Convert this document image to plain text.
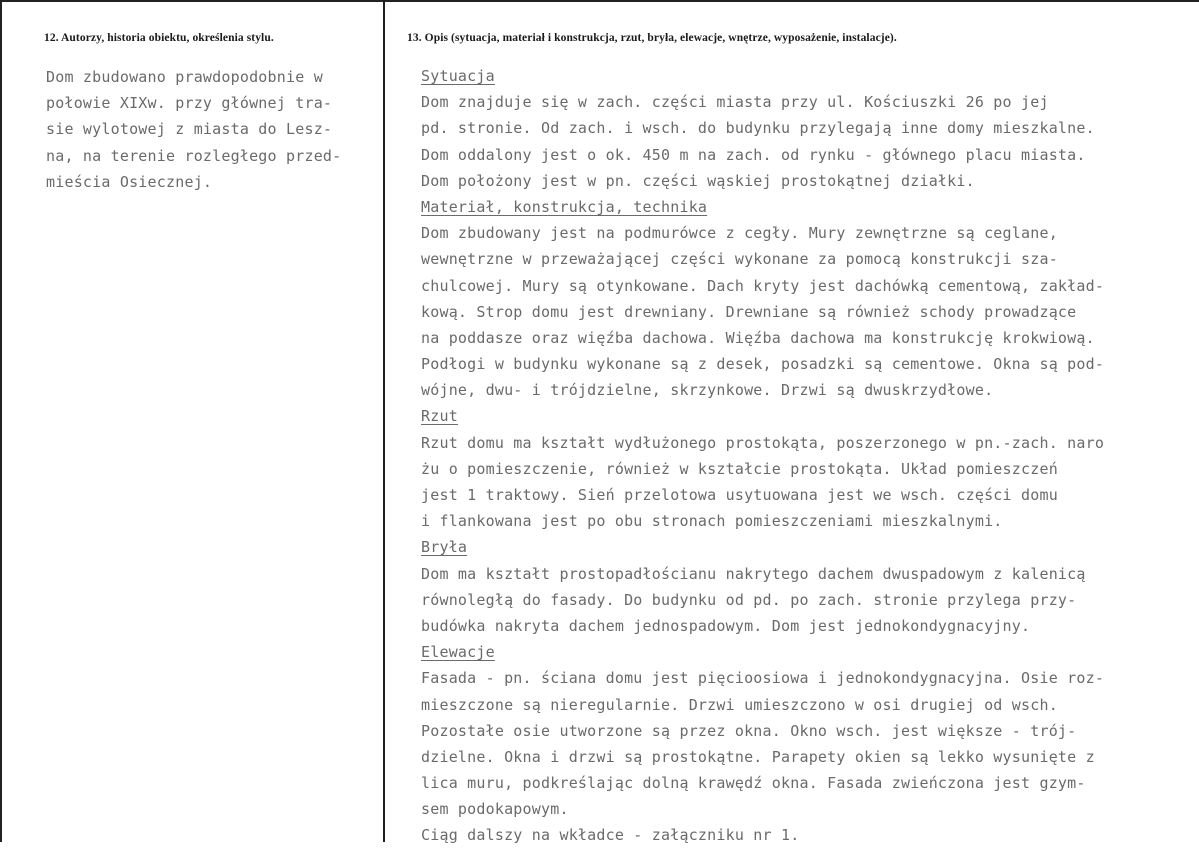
12. Autorzy, historia obiektu, określenia stylu.
Dom zbudowano prawdopodobnie w
połowie XIXw. przy głównej tra-
sie wylotowej z miasta do Lesz-
na, na terenie rozległego przed-
mieścia Osiecznej.
13. Opis (sytuacja, materiał i konstrukcja, rzut, bryła, elewacje, wnętrze, wyposażenie, instalacje).
Sytuacja
Dom znajduje się w zach. części miasta przy ul. Kościuszki 26 po jej
pd. stronie. Od zach. i wsch. do budynku przylegają inne domy mieszkalne.
Dom oddalony jest o ok. 450 m na zach. od rynku - głównego placu miasta.
Dom położony jest w pn. części wąskiej prostokątnej działki.
Materiał, konstrukcja, technika
Dom zbudowany jest na podmurówce z cegły. Mury zewnętrzne są ceglane,
wewnętrzne w przeważającej części wykonane za pomocą konstrukcji sza-
chulcowej. Mury są otynkowane. Dach kryty jest dachówką cementową, zakład-
kową. Strop domu jest drewniany. Drewniane są również schody prowadzące
na poddasze oraz więźba dachowa. Więźba dachowa ma konstrukcję krokwiową.
Podłogi w budynku wykonane są z desek, posadzki są cementowe. Okna są pod-
wójne, dwu- i trójdzielne, skrzynkowe. Drzwi są dwuskrzydłowe.
Rzut
Rzut domu ma kształt wydłużonego prostokąta, poszerzonego w pn.-zach. naro
żu o pomieszczenie, również w kształcie prostokąta. Układ pomieszczeń
jest 1 traktowy. Sień przelotowa usytuowana jest we wsch. części domu
i flankowana jest po obu stronach pomieszczeniami mieszkalnymi.
Bryła
Dom ma kształt prostopadłościanu nakrytego dachem dwuspadowym z kalenicą
równoległą do fasady. Do budynku od pd. po zach. stronie przylega przy-
budówka nakryta dachem jednospadowym. Dom jest jednokondygnacyjny.
Elewacje
Fasada - pn. ściana domu jest pięcioosiowa i jednokondygnacyjna. Osie roz-
mieszczone są nieregularnie. Drzwi umieszczono w osi drugiej od wsch.
Pozostałe osie utworzone są przez okna. Okno wsch. jest większe - trój-
dzielne. Okna i drzwi są prostokątne. Parapety okien są lekko wysunięte z
lica muru, podkreślając dolną krawędź okna. Fasada zwieńczona jest gzym-
sem podokapowym.
Ciąg dalszy na wkładce - załączniku nr 1.
